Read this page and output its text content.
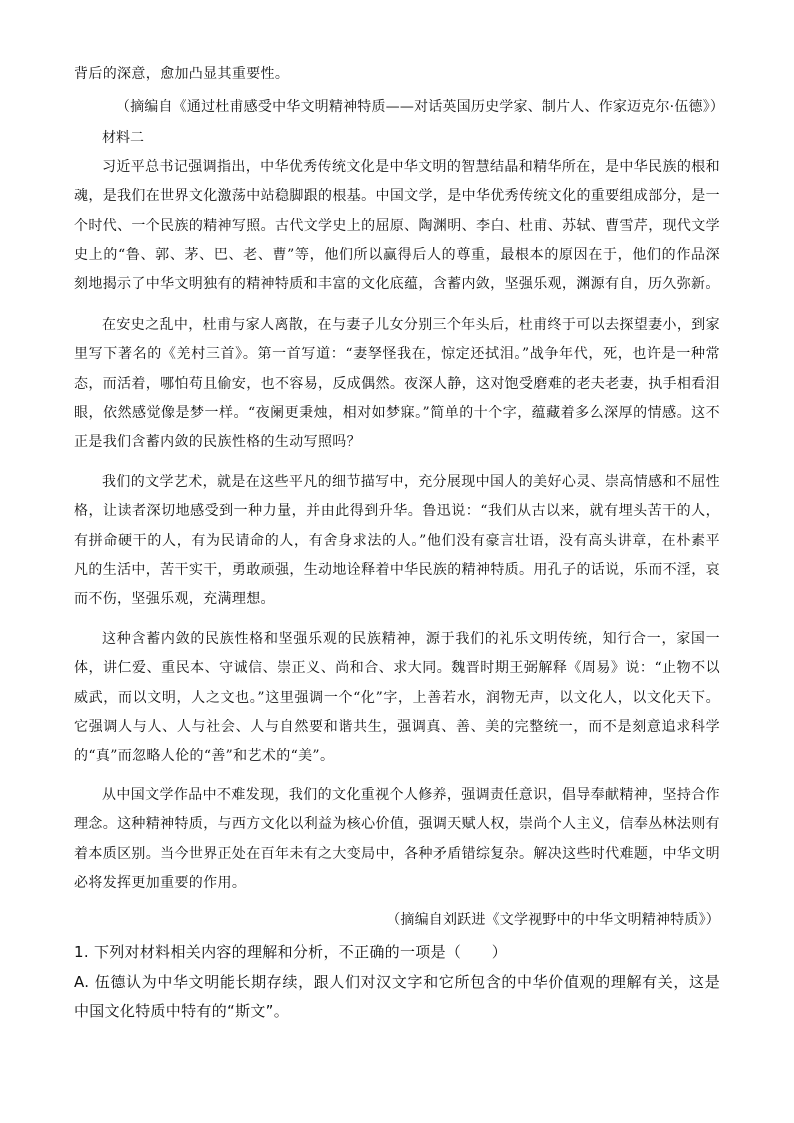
背后的深意，愈加凸显其重要性。

（摘编自《通过杜甫感受中华文明精神特质——对话英国历史学家、制片人、作家迈克尔·伍德》）

材料二

习近平总书记强调指出，中华优秀传统文化是中华文明的智慧结晶和精华所在，是中华民族的根和魂，是我们在世界文化激荡中站稳脚跟的根基。中国文学，是中华优秀传统文化的重要组成部分，是一个时代、一个民族的精神写照。古代文学史上的屈原、陶渊明、李白、杜甫、苏轼、曹雪芹，现代文学史上的“鲁、郭、茅、巴、老、曹”等，他们所以赢得后人的尊重，最根本的原因在于，他们的作品深刻地揭示了中华文明独有的精神特质和丰富的文化底蕴，含蓄内敛，坚强乐观，渊源有自，历久弥新。

在安史之乱中，杜甫与家人离散，在与妻子儿女分别三个年头后，杜甫终于可以去探望妻小，到家里写下著名的《羌村三首》。第一首写道：“妻孥怪我在，惊定还拭泪。”战争年代，死，也许是一种常态，而活着，哪怕苟且偷安，也不容易，反成偶然。夜深人静，这对饱受磨难的老夫老妻，执手相看泪眼，依然感觉像是梦一样。“夜阑更秉烛，相对如梦寐。”简单的十个字，蕴藏着多么深厚的情感。这不正是我们含蓄内敛的民族性格的生动写照吗？

我们的文学艺术，就是在这些平凡的细节描写中，充分展现中国人的美好心灵、崇高情感和不屈性格，让读者深切地感受到一种力量，并由此得到升华。鲁迅说：“我们从古以来，就有埋头苦干的人，有拼命硬干的人，有为民请命的人，有舍身求法的人。”他们没有豪言壮语，没有高头讲章，在朴素平凡的生活中，苦干实干，勇敢顽强，生动地诠释着中华民族的精神特质。用孔子的话说，乐而不淫，哀而不伤，坚强乐观，充满理想。

这种含蓄内敛的民族性格和坚强乐观的民族精神，源于我们的礼乐文明传统，知行合一，家国一体，讲仁爱、重民本、守诚信、崇正义、尚和合、求大同。魏晋时期王弼解释《周易》说：“止物不以威武，而以文明，人之文也。”这里强调一个“化”字，上善若水，润物无声，以文化人，以文化天下。它强调人与人、人与社会、人与自然要和谐共生，强调真、善、美的完整统一，而不是刻意追求科学的“真”而忽略人伦的“善”和艺术的“美”。

从中国文学作品中不难发现，我们的文化重视个人修养，强调责任意识，倡导奉献精神，坚持合作理念。这种精神特质，与西方文化以利益为核心价值，强调天赋人权，崇尚个人主义，信奉丛林法则有着本质区别。当今世界正处在百年未有之大变局中，各种矛盾错综复杂。解决这些时代难题，中华文明必将发挥更加重要的作用。

（摘编自刘跃进《文学视野中的中华文明精神特质》）

1. 下列对材料相关内容的理解和分析，不正确的一项是（　　）

A. 伍德认为中华文明能长期存续，跟人们对汉文字和它所包含的中华价值观的理解有关，这是中国文化特质中特有的“斯文”。
